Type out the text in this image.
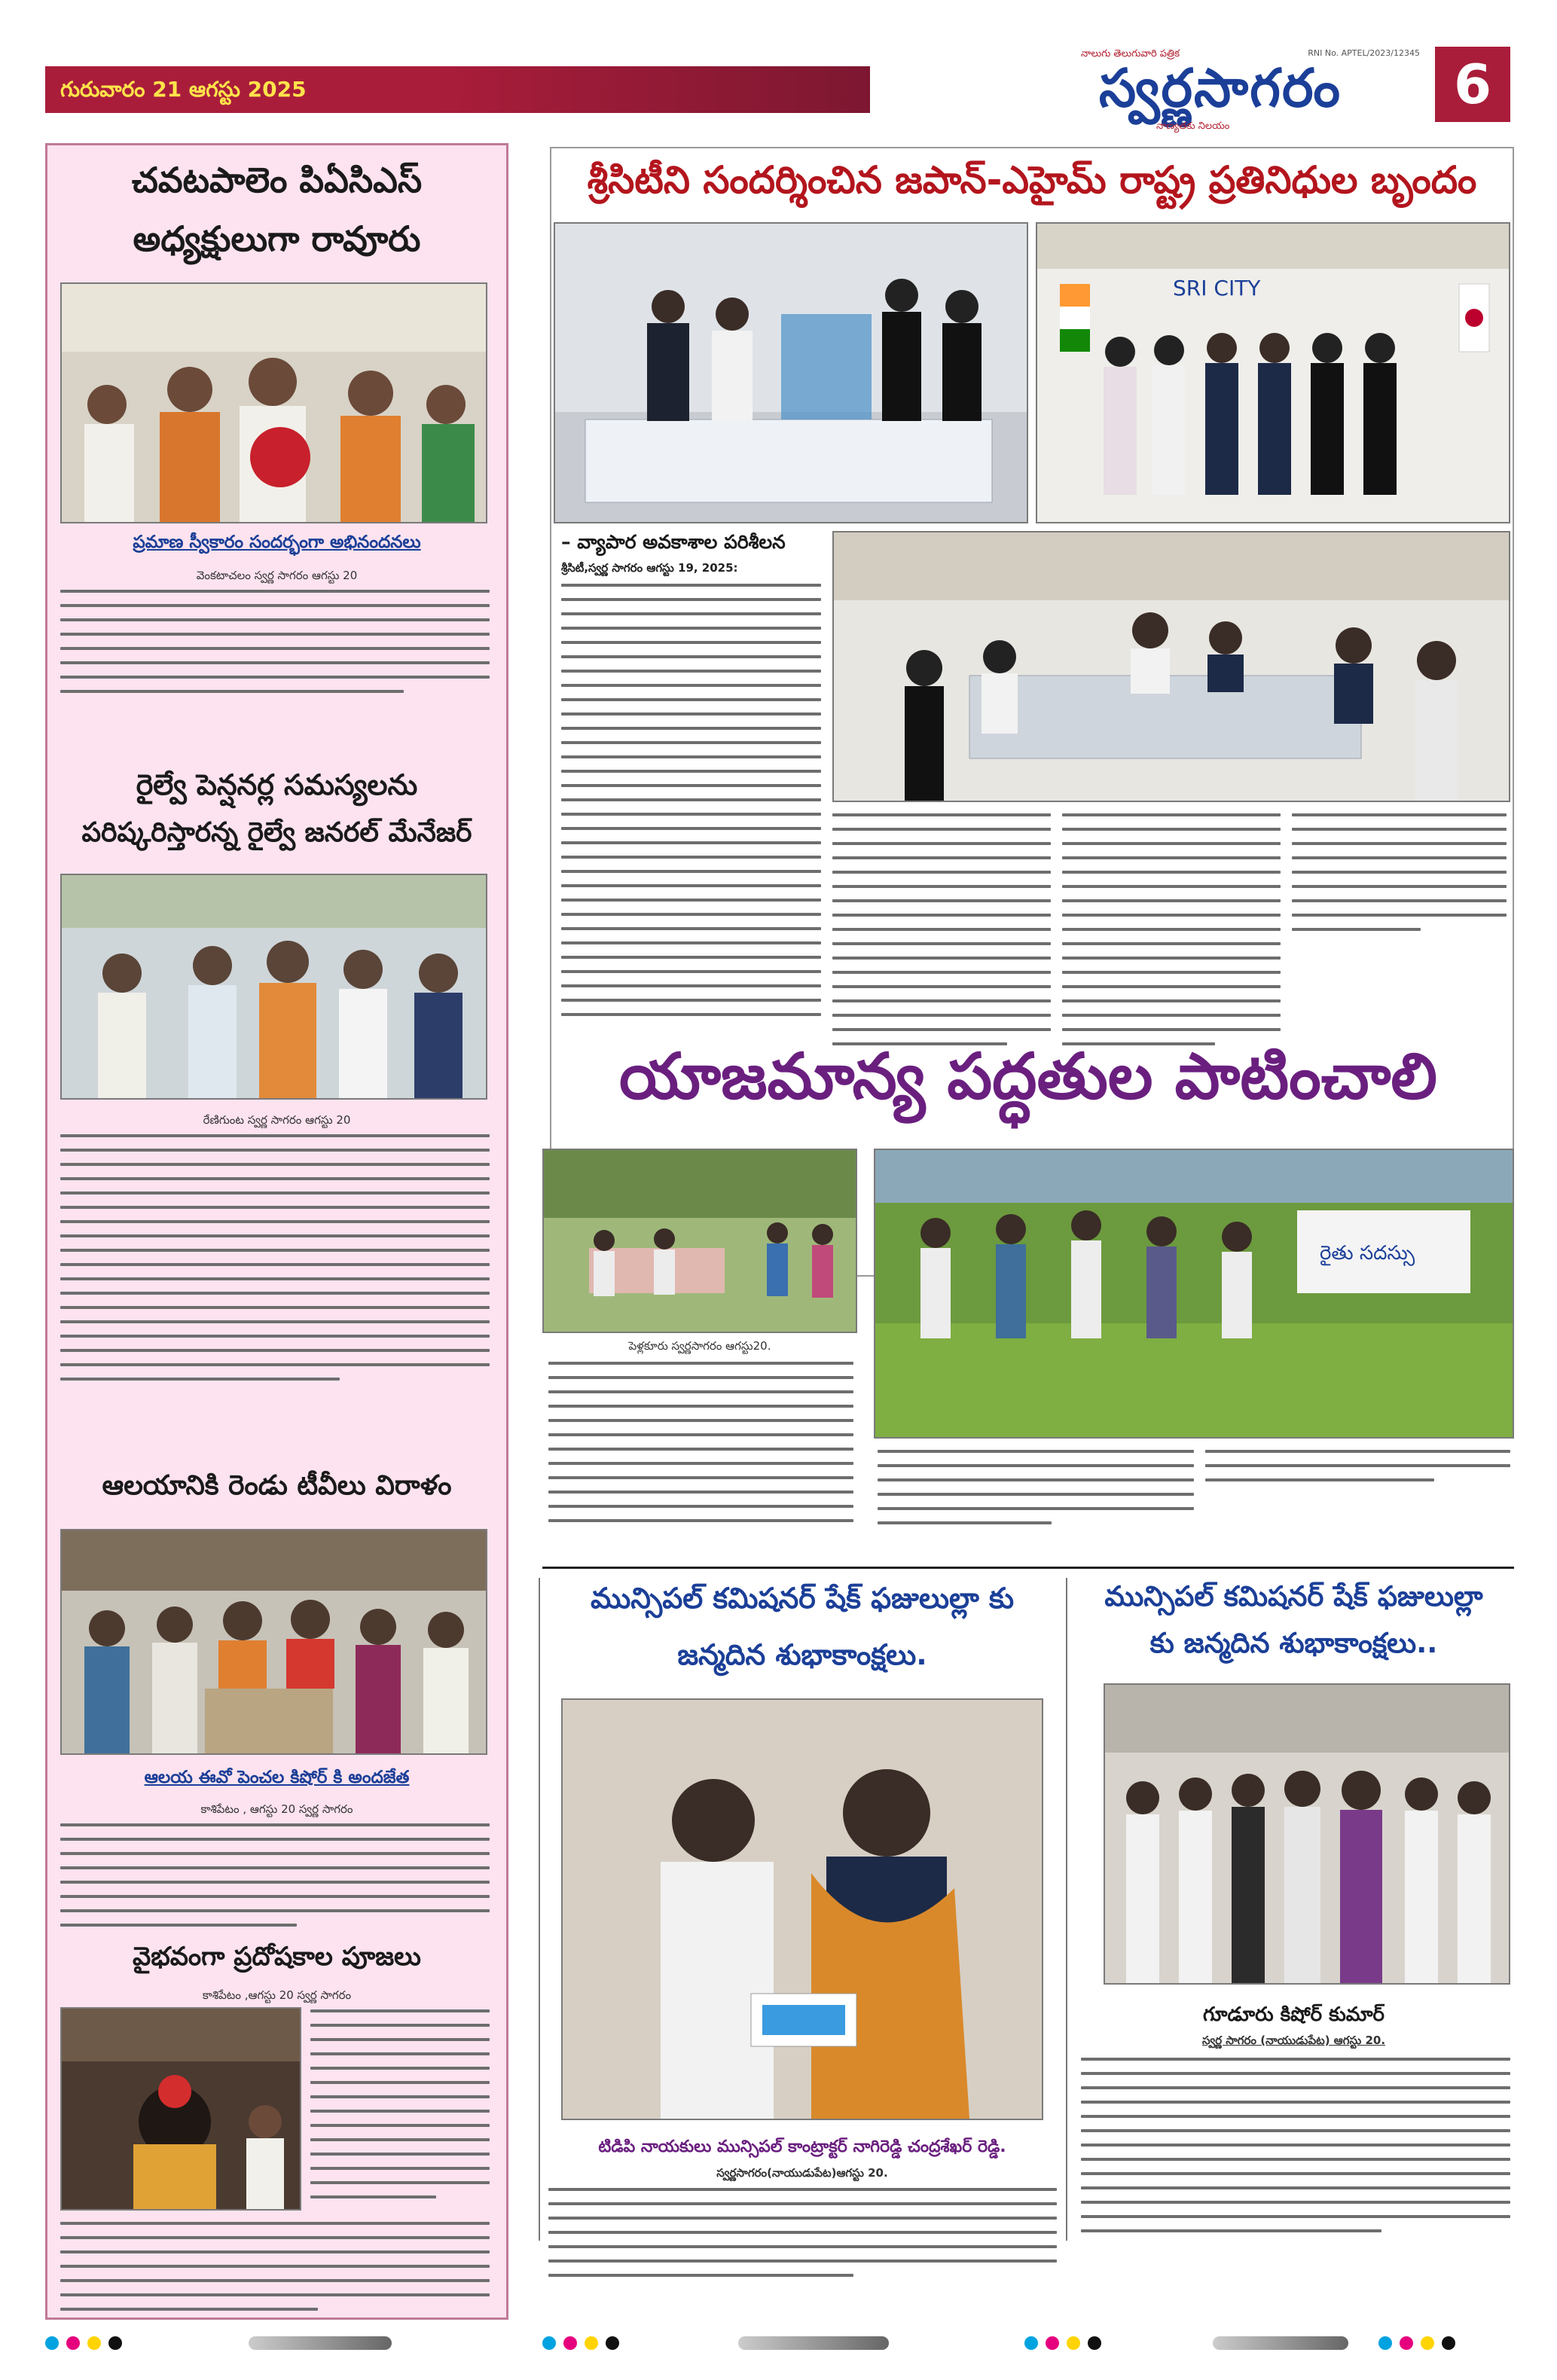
గురువారం 21 ఆగస్టు 2025
నాలుగు తెలుగువారి పత్రిక	RNI No. APTEL/2023/12345
స్వర్ణసాగరం
నాణ్యతకు నిలయం
6
చవటపాలెం పిఏసిఎస్
అధ్యక్షులుగా రావూరు
ప్రమాణ స్వీకారం సందర్భంగా అభినందనలు
వెంకటాచలం స్వర్ణ సాగరం ఆగస్టు 20
రైల్వే పెన్షనర్ల సమస్యలను
పరిష్కరిస్తారన్న రైల్వే జనరల్ మేనేజర్
రేణిగుంట స్వర్ణ సాగరం ఆగస్టు 20
ఆలయానికి రెండు టీవీలు విరాళం
ఆలయ ఈవో పెంచల కిషోర్ కి అందజేత
కాశిపేటం , ఆగస్టు 20 స్వర్ణ సాగరం
వైభవంగా ప్రదోషకాల పూజలు
కాశిపేటం ,ఆగస్టు 20 స్వర్ణ సాగరం
శ్రీసిటీని సందర్శించిన జపాన్-ఎహైమ్ రాష్ట్ర ప్రతినిధుల బృందం
SRI CITY
– వ్యాపార అవకాశాల పరిశీలన
శ్రీసిటీ,స్వర్ణ సాగరం ఆగస్టు 19, 2025:
యాజమాన్య పద్ధతుల పాటించాలి
రైతు సదస్సు
పెళ్లకూరు స్వర్ణసాగరం ఆగస్టు20.
మున్సిపల్ కమిషనర్ షేక్ ఫజులుల్లా కు
జన్మదిన శుభాకాంక్షలు.
టిడిపి నాయకులు మున్సిపల్ కాంట్రాక్టర్ నాగిరెడ్డి చంద్రశేఖర్ రెడ్డి.
స్వర్ణసాగరం(నాయుడుపేట)ఆగస్టు 20.
మున్సిపల్ కమిషనర్ షేక్ ఫజులుల్లా
కు జన్మదిన శుభాకాంక్షలు..
గూడూరు కిషోర్ కుమార్
స్వర్ణ సాగరం (నాయుడుపేట) ఆగస్టు 20.
